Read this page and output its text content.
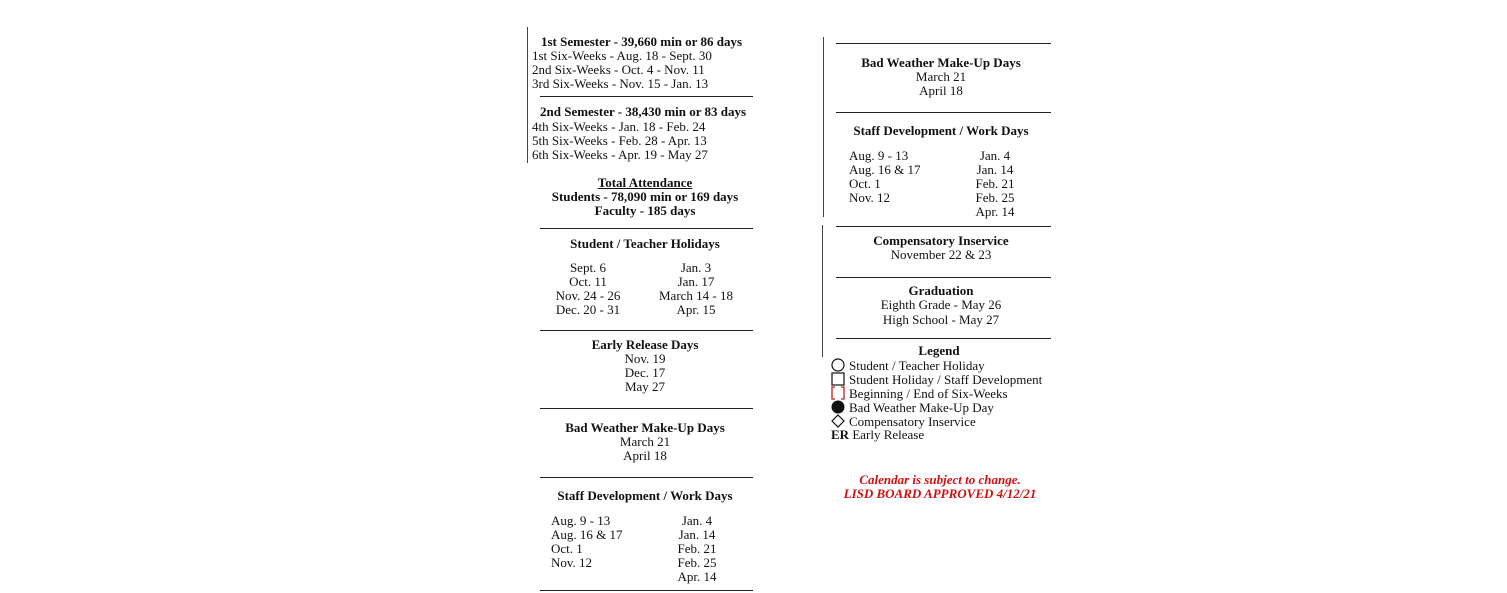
1st Semester - 39,660 min or 86 days
1st Six-Weeks - Aug. 18 - Sept. 30
2nd Six-Weeks - Oct. 4 - Nov. 11
3rd Six-Weeks - Nov. 15 - Jan. 13
2nd Semester - 38,430 min or 83 days
4th Six-Weeks - Jan. 18 - Feb. 24
5th Six-Weeks - Feb. 28 - Apr. 13
6th Six-Weeks - Apr. 19 - May 27
Total Attendance
Students - 78,090 min or 169 days
Faculty - 185 days
Student / Teacher Holidays
Sept. 6
Oct. 11
Nov. 24 - 26
Dec. 20 - 31
Jan. 3
Jan. 17
March 14 - 18
Apr. 15
Early Release Days
Nov. 19
Dec. 17
May 27
Bad Weather Make-Up Days
March 21
April 18
Staff Development / Work Days
Aug. 9 - 13
Aug. 16 & 17
Oct. 1
Nov. 12
Jan. 4
Jan. 14
Feb. 21
Feb. 25
Apr. 14
Bad Weather Make-Up Days
March 21
April 18
Staff Development / Work Days
Aug. 9 - 13
Aug. 16 & 17
Oct. 1
Nov. 12
Jan. 4
Jan. 14
Feb. 21
Feb. 25
Apr. 14
Compensatory Inservice
November 22 & 23
Graduation
Eighth Grade - May 26
High School - May 27
Legend
Student / Teacher Holiday
Student Holiday / Staff Development
Beginning / End of Six-Weeks
Bad Weather Make-Up Day
Compensatory Inservice
ER Early Release
Calendar is subject to change.
LISD BOARD APPROVED 4/12/21
